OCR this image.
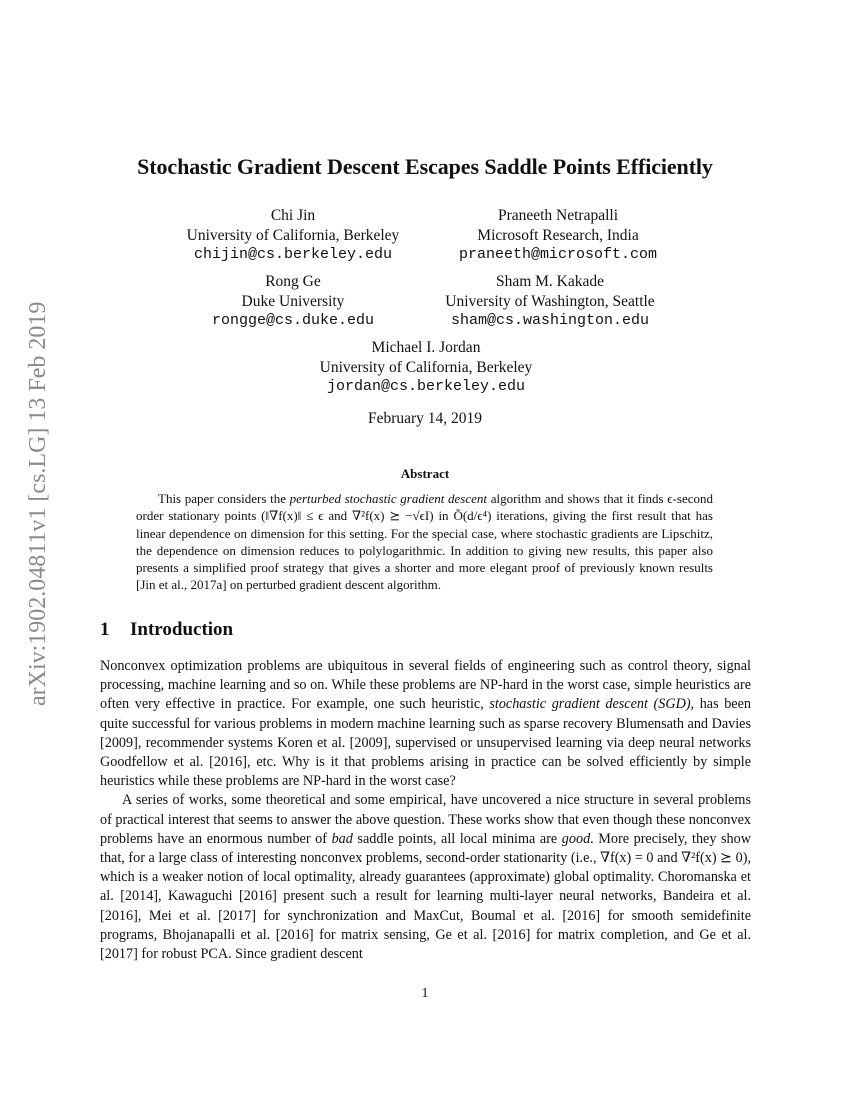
arXiv:1902.04811v1 [cs.LG] 13 Feb 2019
Stochastic Gradient Descent Escapes Saddle Points Efficiently
Chi Jin
University of California, Berkeley
chijin@cs.berkeley.edu
Praneeth Netrapalli
Microsoft Research, India
praneeth@microsoft.com
Rong Ge
Duke University
rongge@cs.duke.edu
Sham M. Kakade
University of Washington, Seattle
sham@cs.washington.edu
Michael I. Jordan
University of California, Berkeley
jordan@cs.berkeley.edu
February 14, 2019
Abstract

This paper considers the perturbed stochastic gradient descent algorithm and shows that it finds ϵ-second order stationary points (‖∇f(x)‖ ≤ ϵ and ∇²f(x) ⪰ −√ϵI) in Õ(d/ϵ⁴) iterations, giving the first result that has linear dependence on dimension for this setting. For the special case, where stochastic gradients are Lipschitz, the dependence on dimension reduces to polylogarithmic. In addition to giving new results, this paper also presents a simplified proof strategy that gives a shorter and more elegant proof of previously known results [Jin et al., 2017a] on perturbed gradient descent algorithm.

1 Introduction

Nonconvex optimization problems are ubiquitous in several fields of engineering such as control theory, signal processing, machine learning and so on. While these problems are NP-hard in the worst case, simple heuristics are often very effective in practice. For example, one such heuristic, stochastic gradient descent (SGD), has been quite successful for various problems in modern machine learning such as sparse recovery Blumensath and Davies [2009], recommender systems Koren et al. [2009], supervised or unsupervised learning via deep neural networks Goodfellow et al. [2016], etc. Why is it that problems arising in practice can be solved efficiently by simple heuristics while these problems are NP-hard in the worst case?

A series of works, some theoretical and some empirical, have uncovered a nice structure in several problems of practical interest that seems to answer the above question. These works show that even though these nonconvex problems have an enormous number of bad saddle points, all local minima are good. More precisely, they show that, for a large class of interesting nonconvex problems, second-order stationarity (i.e., ∇f(x) = 0 and ∇²f(x) ⪰ 0), which is a weaker notion of local optimality, already guarantees (approximate) global optimality. Choromanska et al. [2014], Kawaguchi [2016] present such a result for learning multi-layer neural networks, Bandeira et al. [2016], Mei et al. [2017] for synchronization and MaxCut, Boumal et al. [2016] for smooth semidefinite programs, Bhojanapalli et al. [2016] for matrix sensing, Ge et al. [2016] for matrix completion, and Ge et al. [2017] for robust PCA. Since gradient descent

1
